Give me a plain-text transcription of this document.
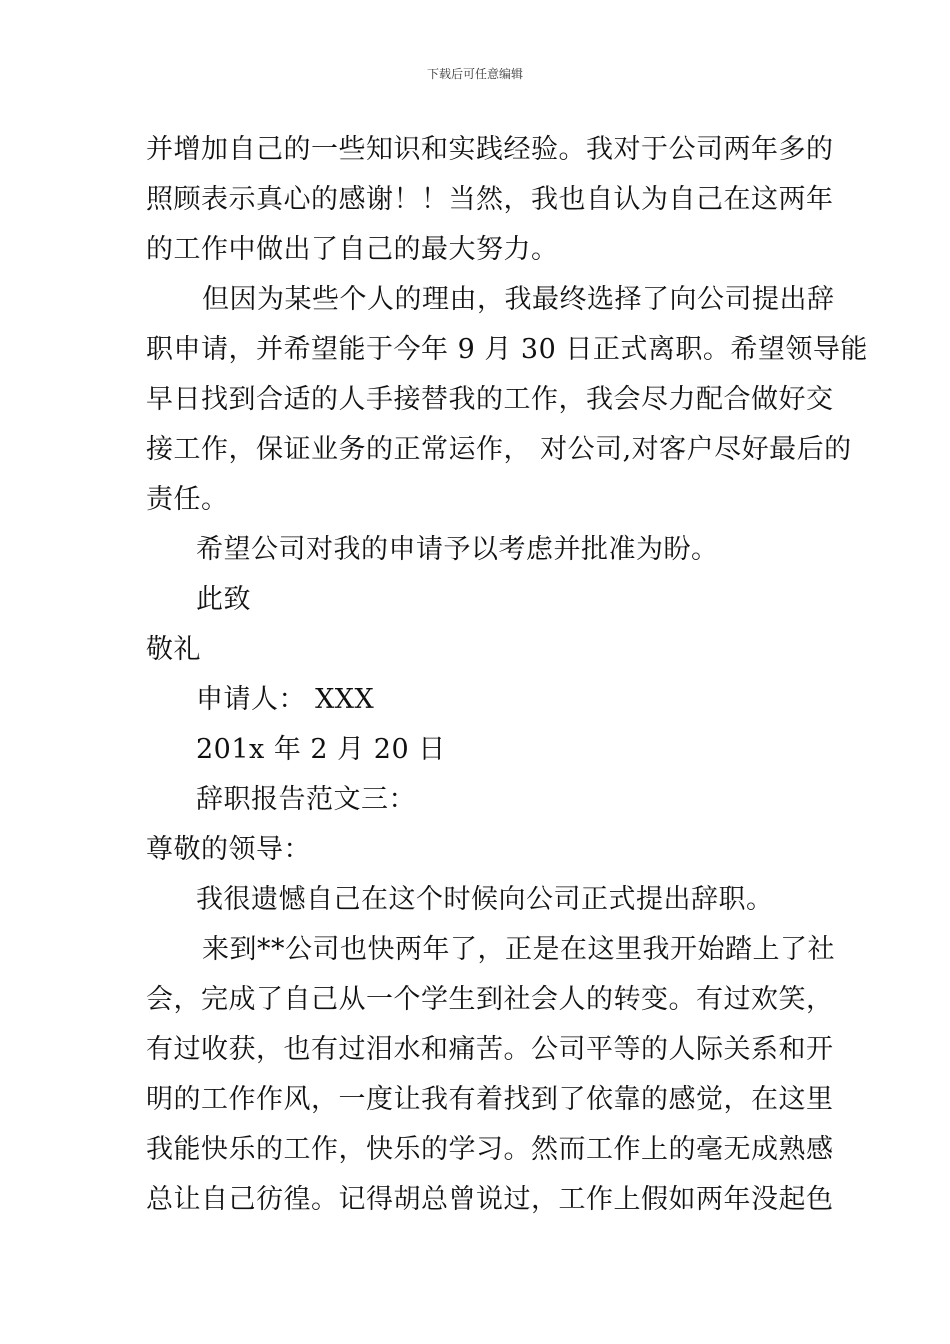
下载后可任意编辑
并增加自己的一些知识和实践经验。我对于公司两年多的
照顾表示真心的感谢！！当然，我也自认为自己在这两年
的工作中做出了自己的最大努力。
但因为某些个人的理由，我最终选择了向公司提出辞
职申请，并希望能于今年 9 月 30 日正式离职。希望领导能
早日找到合适的人手接替我的工作，我会尽力配合做好交
接工作，保证业务的正常运作， 对公司,对客户尽好最后的
责任。
希望公司对我的申请予以考虑并批准为盼。
此致
敬礼
申请人： XXX
201x 年 2 月 20 日
辞职报告范文三：
尊敬的领导：
我很遗憾自己在这个时候向公司正式提出辞职。
来到**公司也快两年了，正是在这里我开始踏上了社
会，完成了自己从一个学生到社会人的转变。有过欢笑，
有过收获，也有过泪水和痛苦。公司平等的人际关系和开
明的工作作风，一度让我有着找到了依靠的感觉，在这里
我能快乐的工作，快乐的学习。然而工作上的毫无成熟感
总让自己彷徨。记得胡总曾说过，工作上假如两年没起色
